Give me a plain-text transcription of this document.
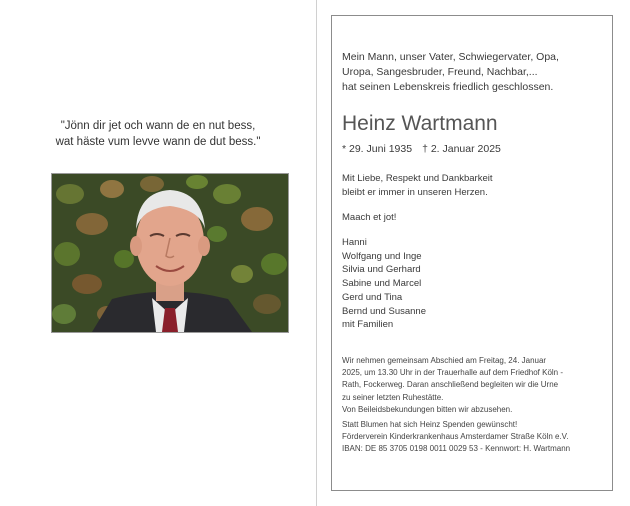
"Jönn dir jet och wann de en nut bess,
wat häste vum levve wann de dut bess."
Mein Mann, unser Vater, Schwiegervater, Opa,
Uropa, Sangesbruder, Freund, Nachbar,...
hat seinen Lebenskreis friedlich geschlossen.
Heinz Wartmann
* 29. Juni 1935 † 2. Januar 2025
Mit Liebe, Respekt und Dankbarkeit
bleibt er immer in unseren Herzen.
Maach et jot!
Hanni
Wolfgang und Inge
Silvia und Gerhard
Sabine und Marcel
Gerd und Tina
Bernd und Susanne
mit Familien
Wir nehmen gemeinsam Abschied am Freitag, 24. Januar
2025, um 13.30 Uhr in der Trauerhalle auf dem Friedhof Köln -
Rath, Fockerweg. Daran anschließend begleiten wir die Urne
zu seiner letzten Ruhestätte.
Von Beileidsbekundungen bitten wir abzusehen.
Statt Blumen hat sich Heinz Spenden gewünscht!
Förderverein Kinderkrankenhaus Amsterdamer Straße Köln e.V.
IBAN: DE 85 3705 0198 0011 0029 53 - Kennwort: H. Wartmann
